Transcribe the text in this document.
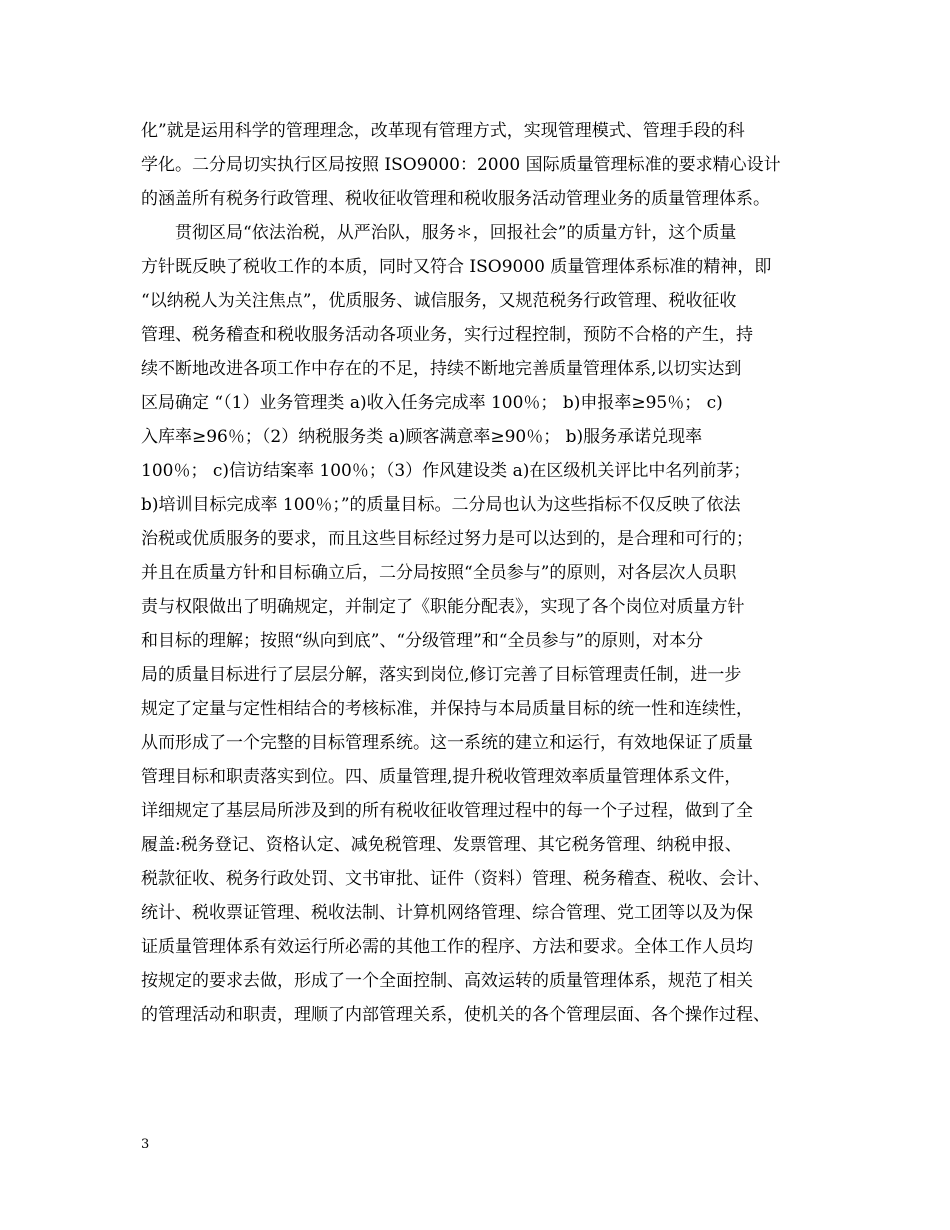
化”就是运用科学的管理理念，改革现有管理方式，实现管理模式、管理手段的科
学化。二分局切实执行区局按照 ISO9000：2000 国际质量管理标准的要求精心设计
的涵盖所有税务行政管理、税收征收管理和税收服务活动管理业务的质量管理体系。
　　贯彻区局“依法治税，从严治队，服务＊，回报社会”的质量方针，这个质量
方针既反映了税收工作的本质，同时又符合 ISO9000 质量管理体系标准的精神，即
“以纳税人为关注焦点”，优质服务、诚信服务，又规范税务行政管理、税收征收
管理、税务稽查和税收服务活动各项业务，实行过程控制，预防不合格的产生，持
续不断地改进各项工作中存在的不足，持续不断地完善质量管理体系,以切实达到
区局确定 “（1）业务管理类 a)收入任务完成率 100％； b)申报率≥95％； c)
入库率≥96％；（2）纳税服务类 a)顾客满意率≥90％； b)服务承诺兑现率
100％； c)信访结案率 100％；（3）作风建设类 a)在区级机关评比中名列前茅；
b)培训目标完成率 100％；”的质量目标。二分局也认为这些指标不仅反映了依法
治税或优质服务的要求，而且这些目标经过努力是可以达到的，是合理和可行的；
并且在质量方针和目标确立后，二分局按照“全员参与”的原则，对各层次人员职
责与权限做出了明确规定，并制定了《职能分配表》，实现了各个岗位对质量方针
和目标的理解；按照“纵向到底”、“分级管理”和“全员参与”的原则，对本分
局的质量目标进行了层层分解，落实到岗位,修订完善了目标管理责任制，进一步
规定了定量与定性相结合的考核标准，并保持与本局质量目标的统一性和连续性，
从而形成了一个完整的目标管理系统。这一系统的建立和运行，有效地保证了质量
管理目标和职责落实到位。四、质量管理,提升税收管理效率质量管理体系文件，
详细规定了基层局所涉及到的所有税收征收管理过程中的每一个子过程，做到了全
履盖:税务登记、资格认定、减免税管理、发票管理、其它税务管理、纳税申报、
税款征收、税务行政处罚、文书审批、证件（资料）管理、税务稽查、税收、会计、
统计、税收票证管理、税收法制、计算机网络管理、综合管理、党工团等以及为保
证质量管理体系有效运行所必需的其他工作的程序、方法和要求。全体工作人员均
按规定的要求去做，形成了一个全面控制、高效运转的质量管理体系，规范了相关
的管理活动和职责，理顺了内部管理关系，使机关的各个管理层面、各个操作过程、
3
